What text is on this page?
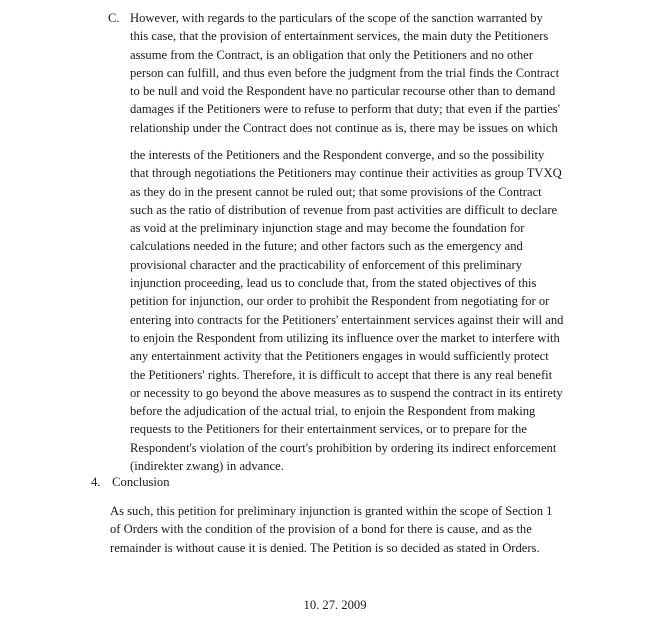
C. However, with regards to the particulars of the scope of the sanction warranted by

this case, that the provision of entertainment services, the main duty the Petitioners

assume from the Contract, is an obligation that only the Petitioners and no other

person can fulfill, and thus even before the judgment from the trial finds the Contract

to be null and void the Respondent have no particular recourse other than to demand

damages if the Petitioners were to refuse to perform that duty; that even if the parties'

relationship under the Contract does not continue as is, there may be issues on which

the interests of the Petitioners and the Respondent converge, and so the possibility

that through negotiations the Petitioners may continue their activities as group TVXQ

as they do in the present cannot be ruled out; that some provisions of the Contract

such as the ratio of distribution of revenue from past activities are difficult to declare

as void at the preliminary injunction stage and may become the foundation for

calculations needed in the future; and other factors such as the emergency and

provisional character and the practicability of enforcement of this preliminary

injunction proceeding, lead us to conclude that, from the stated objectives of this

petition for injunction, our order to prohibit the Respondent from negotiating for or

entering into contracts for the Petitioners' entertainment services against their will and

to enjoin the Respondent from utilizing its influence over the market to interfere with

any entertainment activity that the Petitioners engages in would sufficiently protect

the Petitioners' rights. Therefore, it is difficult to accept that there is any real benefit

or necessity to go beyond the above measures as to suspend the contract in its entirety

before the adjudication of the actual trial, to enjoin the Respondent from making

requests to the Petitioners for their entertainment services, or to prepare for the

Respondent's violation of the court's prohibition by ordering its indirect enforcement

(indirekter zwang) in advance.

4. Conclusion

As such, this petition for preliminary injunction is granted within the scope of Section 1

of Orders with the condition of the provision of a bond for there is cause, and as the

remainder is without cause it is denied. The Petition is so decided as stated in Orders.

10. 27. 2009
